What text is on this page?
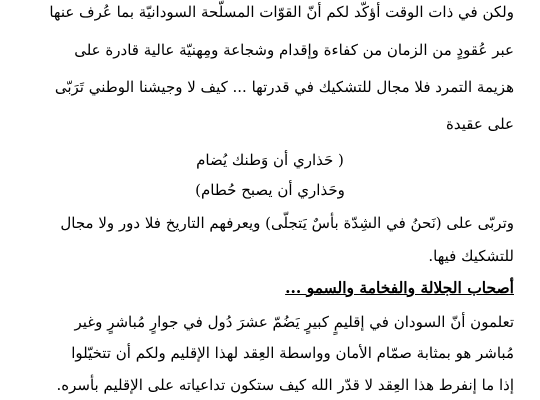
ولكن في ذات الوقت أؤكّد لكم أنّ القوّات المسلّحة السودانيّة بما عُرف عنها
عبر عُقودٍ من الزمان من كفاءة وإقدام وشجاعة ومِهنيّة عالية قادرة على
هزيمة التمرد فلا مجال للتشكيك في قدرتها ... كيف لا وجيشنا الوطني تَرَبّى
على عقيدة
( حَذاري أن وَطنك يُضام
وحَذاري أن يصبح حُطام)
وتربّى على (نَحنُ في الشِدّة بأسٌ يَتجلّى) ويعرفهم التاريخ فلا دور ولا مجال
للتشكيك فيها.
أصحاب الجلالة والفخامة والسمو ...
تعلمون أنّ السودان في إقليمٍ كبيرٍ يَضُمّ عشرَ دُول في جوارٍ مُباشرٍ وغير
مُباشر هو بمثابة صمّام الأمان وواسطة العِقد لهذا الإقليم ولكم أن تتخيّلوا
إذا ما إنفرط هذا العِقد لا قدّر الله كيف ستكون تداعياته على الإقليم بأسره.
